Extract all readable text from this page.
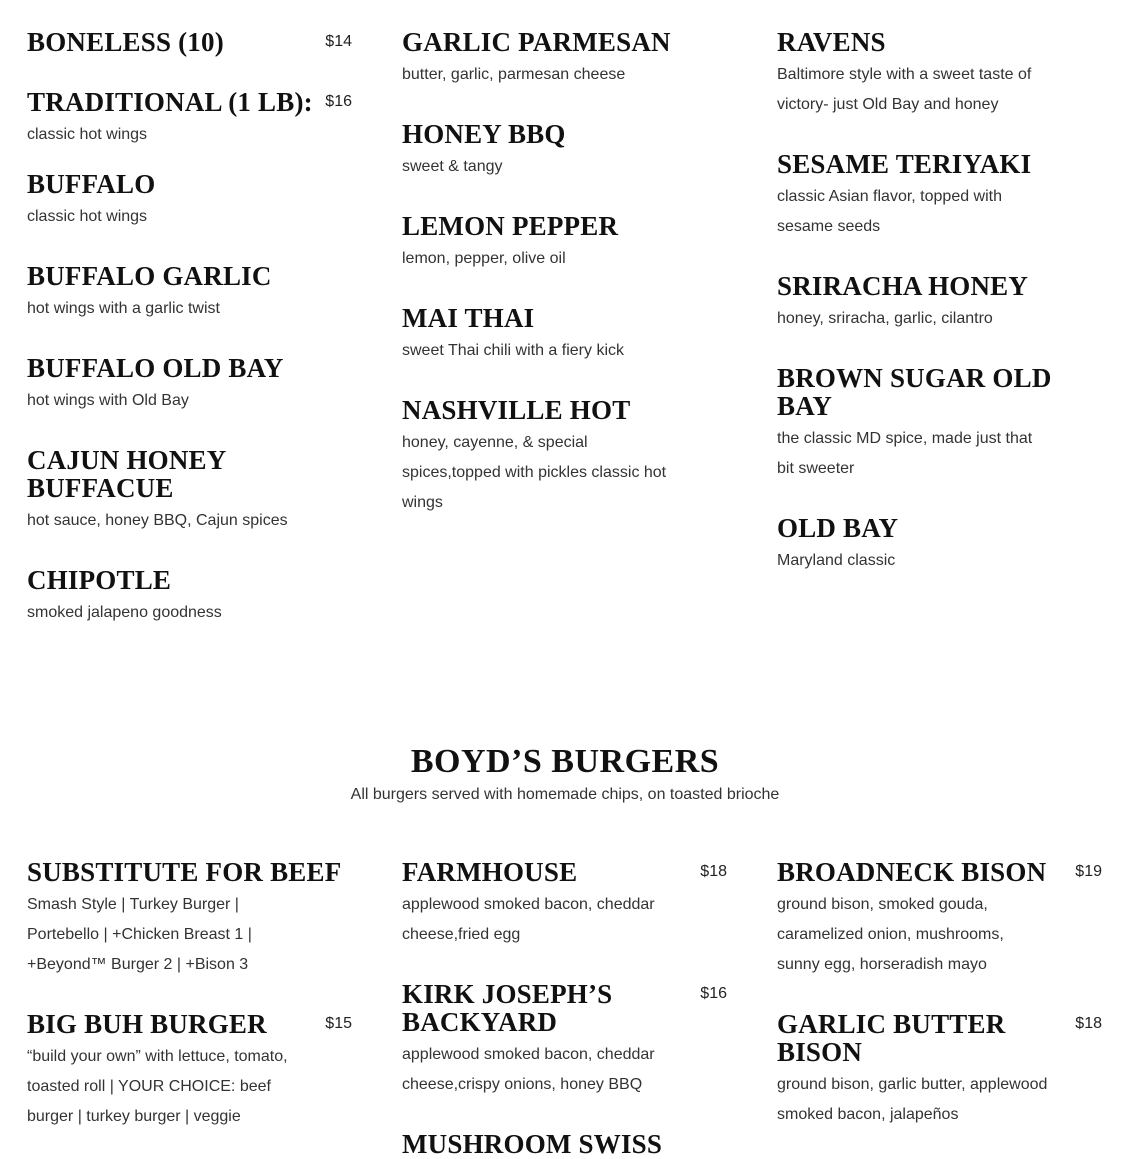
BONELESS (10)	$14
TRADITIONAL (1 LB): $16
classic hot wings
BUFFALO
classic hot wings
BUFFALO GARLIC
hot wings with a garlic twist
BUFFALO OLD BAY
hot wings with Old Bay
CAJUN HONEY BUFFACUE
hot sauce, honey BBQ, Cajun spices
CHIPOTLE
smoked jalapeno goodness
GARLIC PARMESAN
butter, garlic, parmesan cheese
HONEY BBQ
sweet & tangy
LEMON PEPPER
lemon, pepper, olive oil
MAI THAI
sweet Thai chili with a fiery kick
NASHVILLE HOT
honey, cayenne, & special spices,topped with pickles classic hot wings
RAVENS
Baltimore style with a sweet taste of victory- just Old Bay and honey
SESAME TERIYAKI
classic Asian flavor, topped with sesame seeds
SRIRACHA HONEY
honey, sriracha, garlic, cilantro
BROWN SUGAR OLD BAY
the classic MD spice, made just that bit sweeter
OLD BAY
Maryland classic
BOYD’S BURGERS
All burgers served with homemade chips, on toasted brioche
SUBSTITUTE FOR BEEF
Smash Style | Turkey Burger | Portebello | +Chicken Breast 1 | +Beyond™ Burger 2 | +Bison 3
BIG BUH BURGER	$15
“build your own” with lettuce, tomato, toasted roll | YOUR CHOICE: beef burger | turkey burger | veggie
FARMHOUSE	$18
applewood smoked bacon, cheddar cheese,fried egg
KIRK JOSEPH’S BACKYARD
$16
applewood smoked bacon, cheddar cheese,crispy onions, honey BBQ
MUSHROOM SWISS
BROADNECK BISON	$19
ground bison, smoked gouda, caramelized onion, mushrooms, sunny egg, horseradish mayo
GARLIC BUTTER BISON
$18
ground bison, garlic butter, applewood smoked bacon, jalapeños
